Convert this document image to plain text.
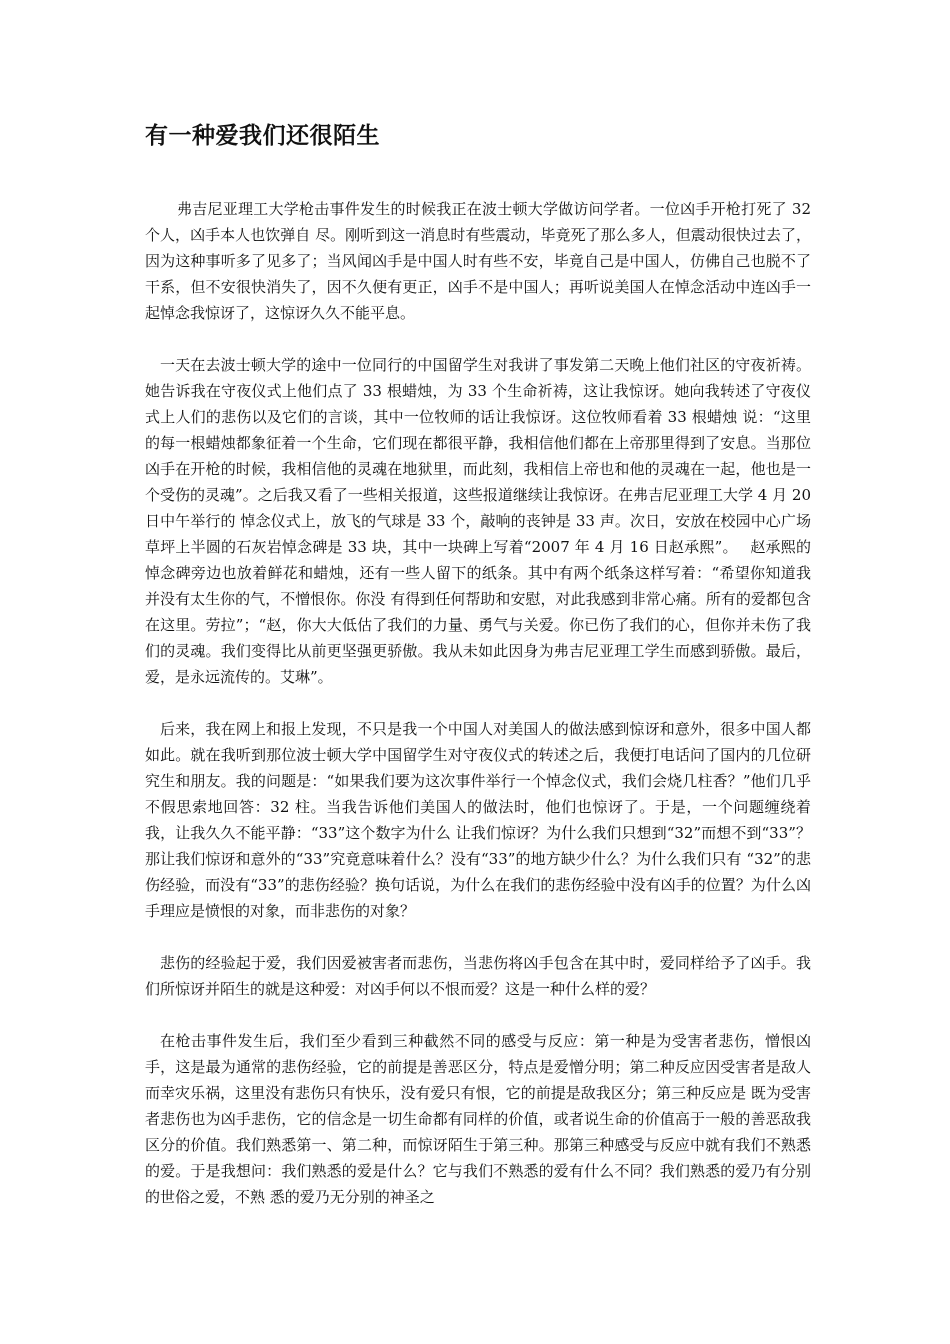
有一种爱我们还很陌生

弗吉尼亚理工大学枪击事件发生的时候我正在波士顿大学做访问学者。一位凶手开枪打死了 32 个人，凶手本人也饮弹自 尽。刚听到这一消息时有些震动，毕竟死了那么多人，但震动很快过去了，因为这种事听多了见多了；当风闻凶手是中国人时有些不安，毕竟自己是中国人，仿佛自己也脱不了干系，但不安很快消失了，因不久便有更正，凶手不是中国人；再听说美国人在悼念活动中连凶手一起悼念我惊讶了，这惊讶久久不能平息。

一天在去波士顿大学的途中一位同行的中国留学生对我讲了事发第二天晚上他们社区的守夜祈祷。她告诉我在守夜仪式上他们点了 33 根蜡烛，为 33 个生命祈祷，这让我惊讶。她向我转述了守夜仪式上人们的悲伤以及它们的言谈，其中一位牧师的话让我惊讶。这位牧师看着 33 根蜡烛 说：“这里的每一根蜡烛都象征着一个生命，它们现在都很平静，我相信他们都在上帝那里得到了安息。当那位凶手在开枪的时候，我相信他的灵魂在地狱里，而此刻，我相信上帝也和他的灵魂在一起，他也是一个受伤的灵魂”。之后我又看了一些相关报道，这些报道继续让我惊讶。在弗吉尼亚理工大学 4 月 20 日中午举行的 悼念仪式上，放飞的气球是 33 个，敲响的丧钟是 33 声。次日，安放在校园中心广场草坪上半圆的石灰岩悼念碑是 33 块，其中一块碑上写着“2007 年 4 月 16 日赵承熙”。　 赵承熙的悼念碑旁边也放着鲜花和蜡烛，还有一些人留下的纸条。其中有两个纸条这样写着：“希望你知道我并没有太生你的气，不憎恨你。你没 有得到任何帮助和安慰，对此我感到非常心痛。所有的爱都包含在这里。劳拉”；“赵，你大大低估了我们的力量、勇气与关爱。你已伤了我们的心，但你并未伤了我们的灵魂。我们变得比从前更坚强更骄傲。我从未如此因身为弗吉尼亚理工学生而感到骄傲。最后，爱，是永远流传的。艾琳”。

后来，我在网上和报上发现，不只是我一个中国人对美国人的做法感到惊讶和意外，很多中国人都如此。就在我听到那位波士顿大学中国留学生对守夜仪式的转述之后，我便打电话问了国内的几位研究生和朋友。我的问题是：“如果我们要为这次事件举行一个悼念仪式，我们会烧几柱香？”他们几乎不假思索地回答：32 柱。当我告诉他们美国人的做法时，他们也惊讶了。于是，一个问题缠绕着我，让我久久不能平静：“33”这个数字为什么 让我们惊讶？为什么我们只想到“32”而想不到“33”？那让我们惊讶和意外的“33”究竟意味着什么？没有“33”的地方缺少什么？为什么我们只有 “32”的悲伤经验，而没有“33”的悲伤经验？换句话说，为什么在我们的悲伤经验中没有凶手的位置？为什么凶手理应是愤恨的对象，而非悲伤的对象？

悲伤的经验起于爱，我们因爱被害者而悲伤，当悲伤将凶手包含在其中时，爱同样给予了凶手。我们所惊讶并陌生的就是这种爱：对凶手何以不恨而爱？这是一种什么样的爱？

在枪击事件发生后，我们至少看到三种截然不同的感受与反应：第一种是为受害者悲伤，憎恨凶手，这是最为通常的悲伤经验，它的前提是善恶区分，特点是爱憎分明；第二种反应因受害者是敌人而幸灾乐祸，这里没有悲伤只有快乐，没有爱只有恨，它的前提是敌我区分；第三种反应是 既为受害者悲伤也为凶手悲伤，它的信念是一切生命都有同样的价值，或者说生命的价值高于一般的善恶敌我区分的价值。我们熟悉第一、第二种，而惊讶陌生于第三种。那第三种感受与反应中就有我们不熟悉的爱。于是我想问：我们熟悉的爱是什么？它与我们不熟悉的爱有什么不同？我们熟悉的爱乃有分别的世俗之爱，不熟 悉的爱乃无分别的神圣之
